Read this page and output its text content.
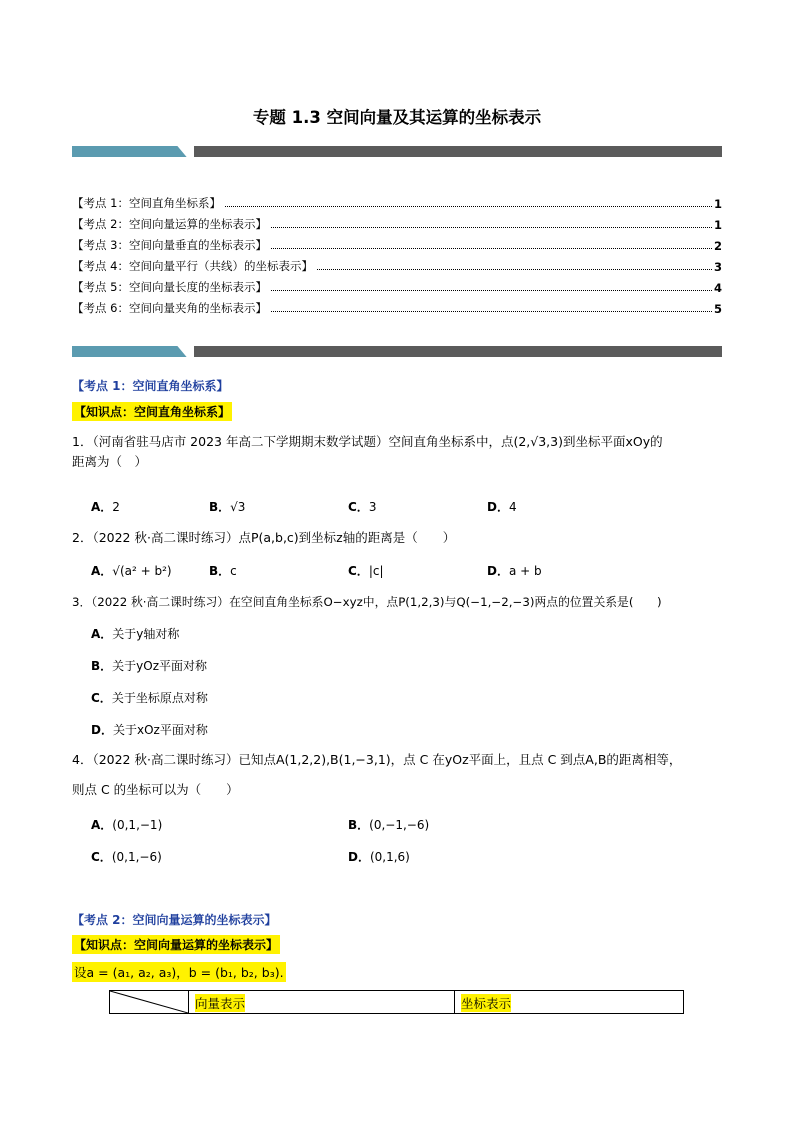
专题 1.3 空间向量及其运算的坐标表示
【考点 1：空间直角坐标系】	1
【考点 2：空间向量运算的坐标表示】	1
【考点 3：空间向量垂直的坐标表示】	2
【考点 4：空间向量平行（共线）的坐标表示】	3
【考点 5：空间向量长度的坐标表示】	4
【考点 6：空间向量夹角的坐标表示】	5
【考点 1：空间直角坐标系】
【知识点：空间直角坐标系】
1．（河南省驻马店市 2023 年高二下学期期末数学试题）空间直角坐标系中，点(2,√3,3)到坐标平面xOy的
距离为（　）
A．2	B．√3	C．3	D．4
2．（2022 秋·高二课时练习）点P(a,b,c)到坐标z轴的距离是（　　）
A．√(a² + b²)	B．c	C．|c|	D．a + b
3．（2022 秋·高二课时练习）在空间直角坐标系O−xyz中，点P(1,2,3)与Q(−1,−2,−3)两点的位置关系是(　　)
A．关于y轴对称
B．关于yOz平面对称
C．关于坐标原点对称
D．关于xOz平面对称
4．（2022 秋·高二课时练习）已知点A(1,2,2),B(1,−3,1)，点 C 在yOz平面上，且点 C 到点A,B的距离相等，
则点 C 的坐标可以为（　　）
A．(0,1,−1)	B．(0,−1,−6)
C．(0,1,−6)	D．(0,1,6)
【考点 2：空间向量运算的坐标表示】
【知识点：空间向量运算的坐标表示】
设a = (a₁, a₂, a₃)，b = (b₁, b₂, b₃).
向量表示	坐标表示
